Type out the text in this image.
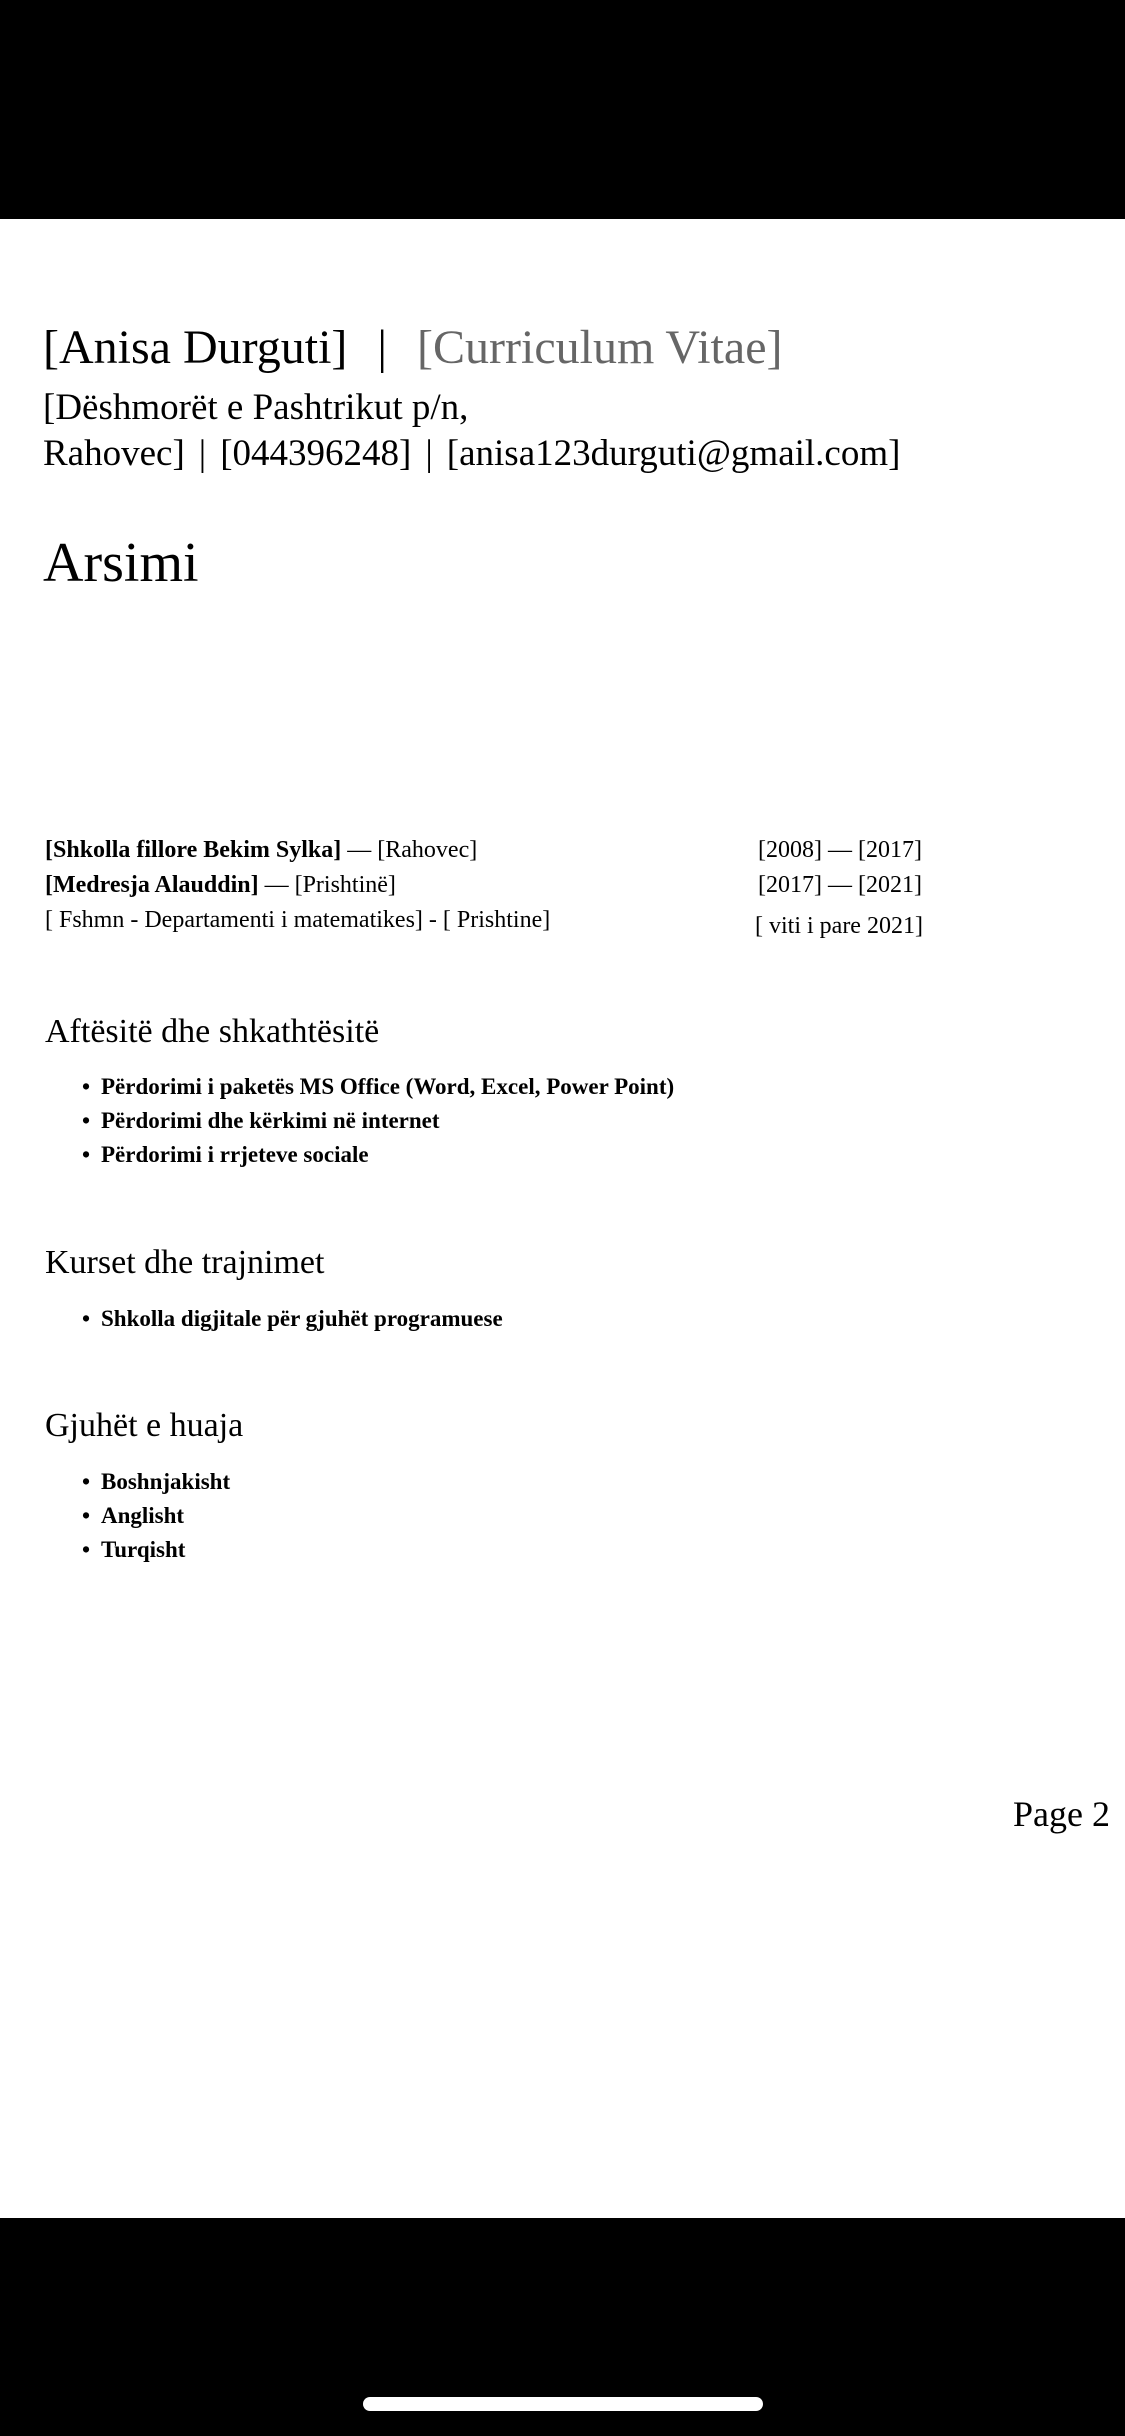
[Anisa Durguti] | [Curriculum Vitae]
[Dëshmorët e Pashtrikut p/n,
Rahovec] | [044396248] | [anisa123durguti@gmail.com]
Arsimi
[Shkolla fillore Bekim Sylka] — [Rahovec]	[2008] — [2017]
[Medresja Alauddin] — [Prishtinë]	[2017] — [2021]
[ Fshmn - Departamenti i matematikes] - [ Prishtine]	[ viti i pare 2021]
Aftësitë dhe shkathtësitë
• Përdorimi i paketës MS Office (Word, Excel, Power Point)
• Përdorimi dhe kërkimi në internet
• Përdorimi i rrjeteve sociale
Kurset dhe trajnimet
• Shkolla digjitale për gjuhët programuese
Gjuhët e huaja
• Boshnjakisht
• Anglisht
• Turqisht
Page 2
